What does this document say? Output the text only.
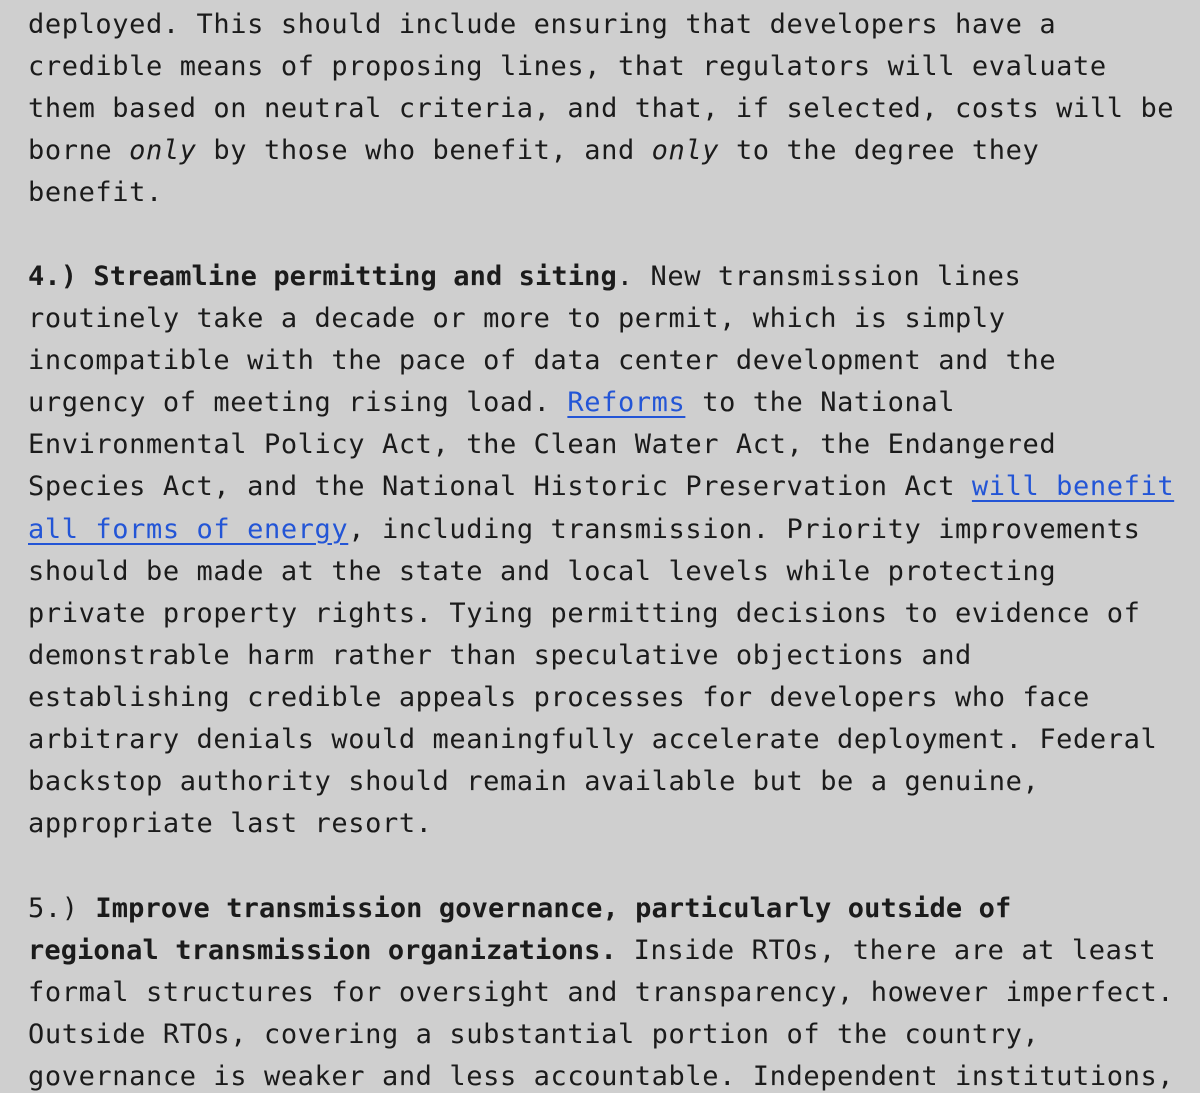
deployed. This should include ensuring that developers have a
credible means of proposing lines, that regulators will evaluate
them based on neutral criteria, and that, if selected, costs will be
borne only by those who benefit, and only to the degree they
benefit.

4.) Streamline permitting and siting. New transmission lines
routinely take a decade or more to permit, which is simply
incompatible with the pace of data center development and the
urgency of meeting rising load. Reforms to the National
Environmental Policy Act, the Clean Water Act, the Endangered
Species Act, and the National Historic Preservation Act will benefit
all forms of energy, including transmission. Priority improvements
should be made at the state and local levels while protecting
private property rights. Tying permitting decisions to evidence of
demonstrable harm rather than speculative objections and
establishing credible appeals processes for developers who face
arbitrary denials would meaningfully accelerate deployment. Federal
backstop authority should remain available but be a genuine,
appropriate last resort.

5.) Improve transmission governance, particularly outside of
regional transmission organizations. Inside RTOs, there are at least
formal structures for oversight and transparency, however imperfect.
Outside RTOs, covering a substantial portion of the country,
governance is weaker and less accountable. Independent institutions,
